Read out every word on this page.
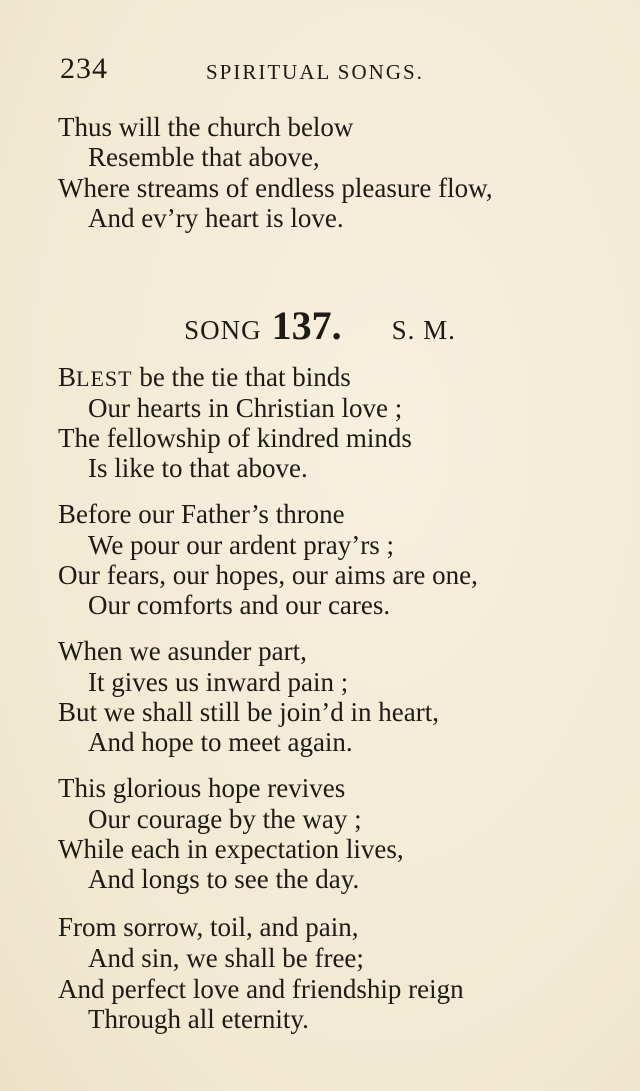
234	SPIRITUAL SONGS.
Thus will the church below
Resemble that above,
Where streams of endless pleasure flow,
And ev’ry heart is love.
SONG 137. S. M.
BLEST be the tie that binds
Our hearts in Christian love ;
The fellowship of kindred minds
Is like to that above.
Before our Father’s throne
We pour our ardent pray’rs ;
Our fears, our hopes, our aims are one,
Our comforts and our cares.
When we asunder part,
It gives us inward pain ;
But we shall still be join’d in heart,
And hope to meet again.
This glorious hope revives
Our courage by the way ;
While each in expectation lives,
And longs to see the day.
From sorrow, toil, and pain,
And sin, we shall be free;
And perfect love and friendship reign
Through all eternity.
